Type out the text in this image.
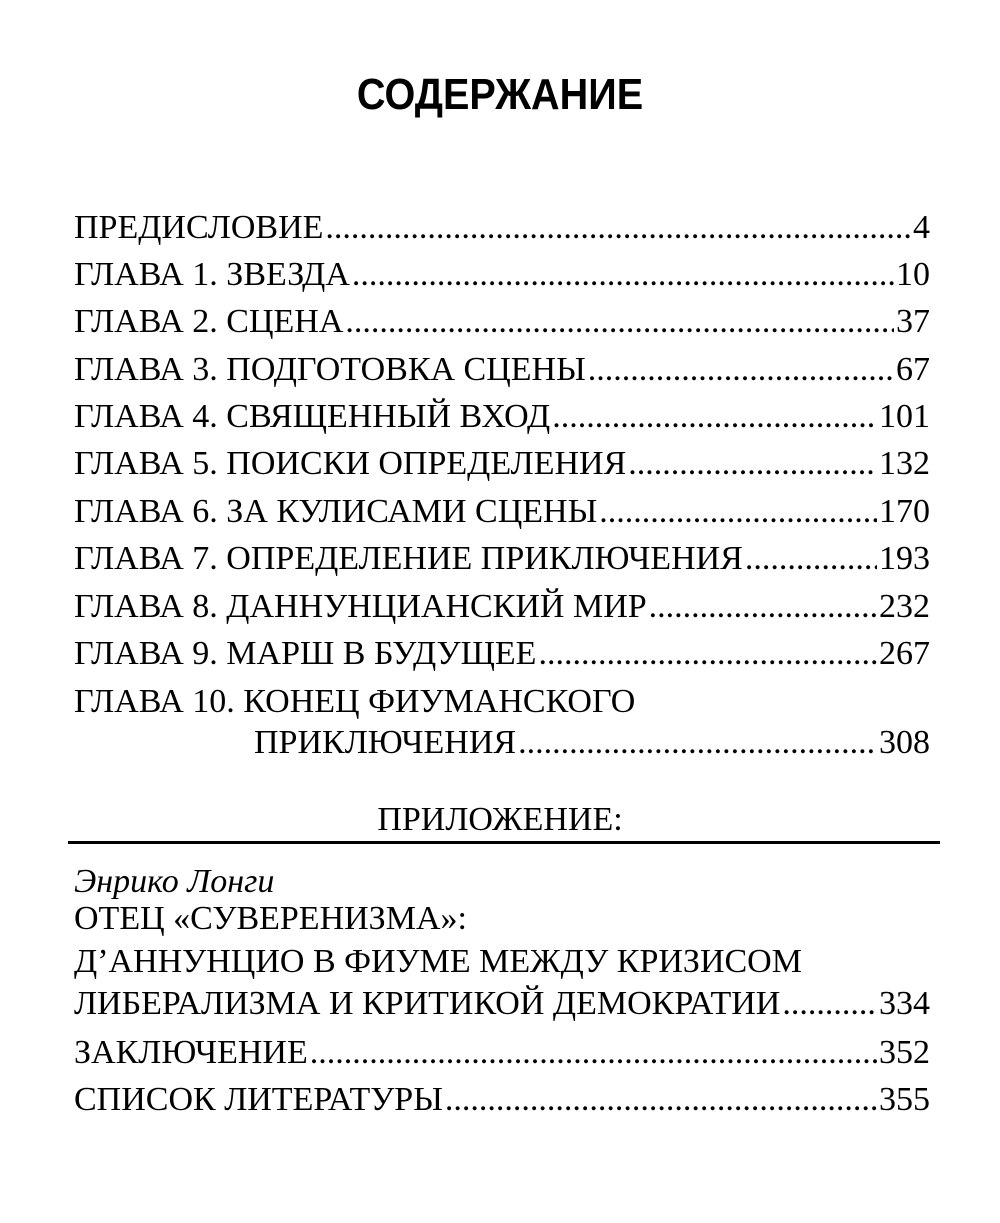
СОДЕРЖАНИЕ
ПРЕДИСЛОВИЕ .....	4
ГЛАВА 1. ЗВЕЗДА .....	10
ГЛАВА 2. СЦЕНА .....	37
ГЛАВА 3. ПОДГОТОВКА СЦЕНЫ .....	67
ГЛАВА 4. СВЯЩЕННЫЙ ВХОД .....	101
ГЛАВА 5. ПОИСКИ ОПРЕДЕЛЕНИЯ .....	132
ГЛАВА 6. ЗА КУЛИСАМИ СЦЕНЫ .....	170
ГЛАВА 7. ОПРЕДЕЛЕНИЕ ПРИКЛЮЧЕНИЯ .....	193
ГЛАВА 8. ДАННУНЦИАНСКИЙ МИР .....	232
ГЛАВА 9. МАРШ В БУДУЩЕЕ .....	267
ГЛАВА 10. КОНЕЦ ФИУМАНСКОГО
ПРИКЛЮЧЕНИЯ .....	308
ПРИЛОЖЕНИЕ:
Энрико Лонги
ОТЕЦ «СУВЕРЕНИЗМА»:
Д’АННУНЦИО В ФИУМЕ МЕЖДУ КРИЗИСОМ
ЛИБЕРАЛИЗМА И КРИТИКОЙ ДЕМОКРАТИИ .....	334
ЗАКЛЮЧЕНИЕ .....	352
СПИСОК ЛИТЕРАТУРЫ .....	355
